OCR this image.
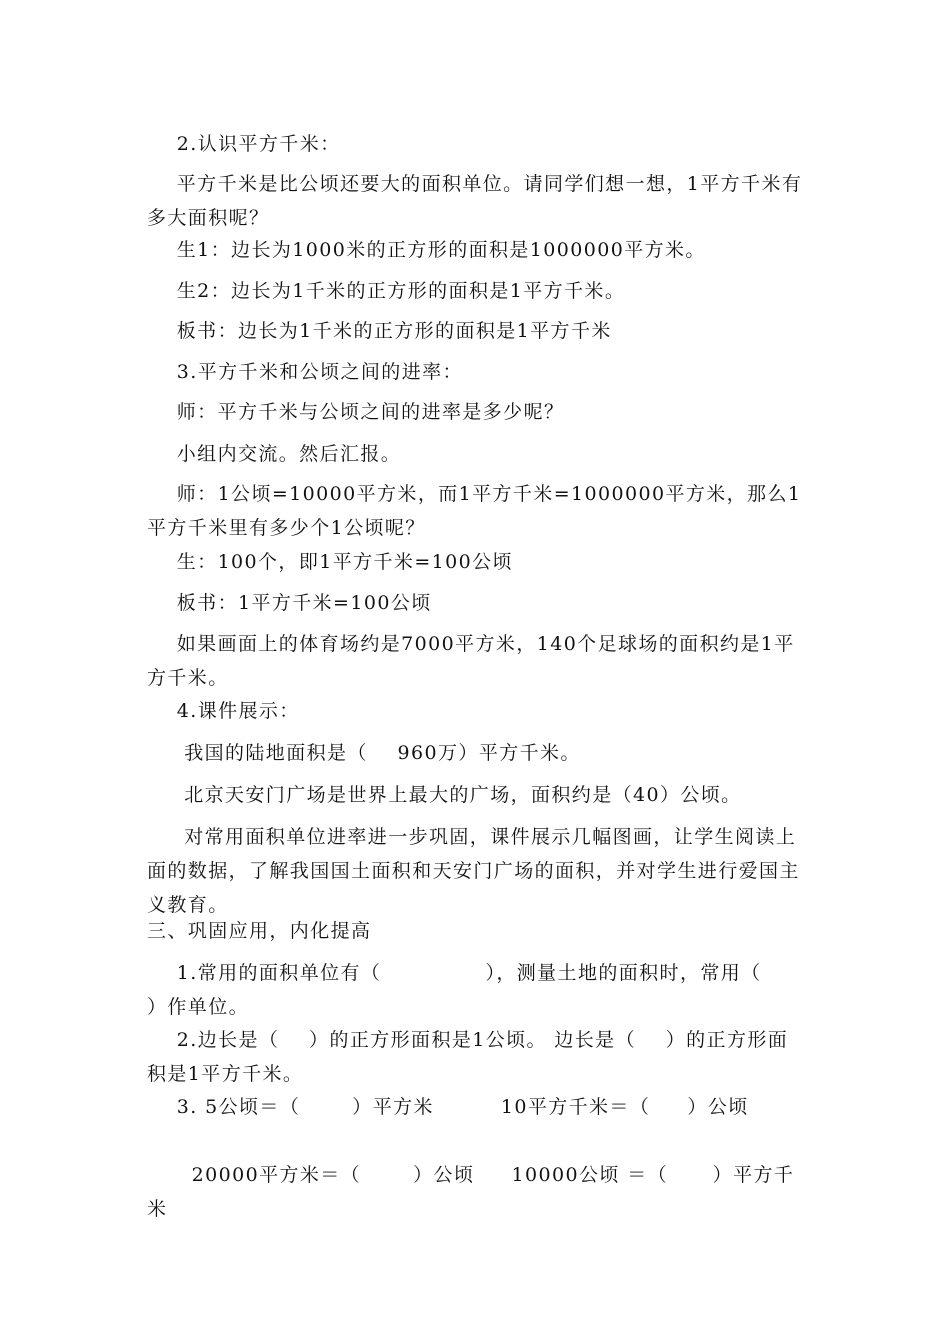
2.认识平方千米：

平方千米是比公顷还要大的面积单位。请同学们想一想，1平方千米有多大面积呢？

生1：边长为1000米的正方形的面积是1000000平方米。

生2：边长为1千米的正方形的面积是1平方千米。

板书：边长为1千米的正方形的面积是1平方千米

3.平方千米和公顷之间的进率：

师：平方千米与公顷之间的进率是多少呢？

小组内交流。然后汇报。

师：1公顷=10000平方米，而1平方千米=1000000平方米，那么1平方千米里有多少个1公顷呢？

生：100个，即1平方千米=100公顷

板书：1平方千米=100公顷

如果画面上的体育场约是7000平方米，140个足球场的面积约是1平方千米。

4.课件展示：

我国的陆地面积是（    960万）平方千米。

北京天安门广场是世界上最大的广场，面积约是（40）公顷。

对常用面积单位进率进一步巩固，课件展示几幅图画，让学生阅读上面的数据，了解我国国土面积和天安门广场的面积，并对学生进行爱国主义教育。

三、巩固应用，内化提高

1.常用的面积单位有（              ），测量土地的面积时，常用（        ）作单位。

2.边长是（    ）的正方形面积是1公顷。 边长是（    ）的正方形面积是1平方千米。

3. 5公顷＝（       ）平方米         10平方千米＝（     ）公顷

20000平方米＝（       ）公顷     10000公顷 ＝（      ）平方千米
